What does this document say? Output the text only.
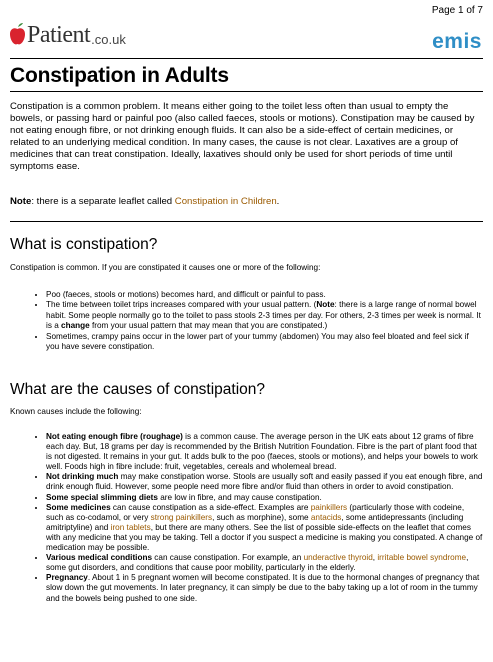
Page 1 of 7
Patient .co.uk	emis
Constipation in Adults

Constipation is a common problem. It means either going to the toilet less often than usual to empty the bowels, or passing hard or painful poo (also called faeces, stools or motions). Constipation may be caused by not eating enough fibre, or not drinking enough fluids. It can also be a side-effect of certain medicines, or related to an underlying medical condition. In many cases, the cause is not clear. Laxatives are a group of medicines that can treat constipation. Ideally, laxatives should only be used for short periods of time until symptoms ease.

Note: there is a separate leaflet called Constipation in Children.

What is constipation?

Constipation is common. If you are constipated it causes one or more of the following:

• Poo (faeces, stools or motions) becomes hard, and difficult or painful to pass.
• The time between toilet trips increases compared with your usual pattern. (Note: there is a large range of normal bowel habit. Some people normally go to the toilet to pass stools 2-3 times per day. For others, 2-3 times per week is normal. It is a change from your usual pattern that may mean that you are constipated.)
• Sometimes, crampy pains occur in the lower part of your tummy (abdomen) You may also feel bloated and feel sick if you have severe constipation.
What are the causes of constipation?

Known causes include the following:

• Not eating enough fibre (roughage) is a common cause. The average person in the UK eats about 12 grams of fibre each day. But, 18 grams per day is recommended by the British Nutrition Foundation. Fibre is the part of plant food that is not digested. It remains in your gut. It adds bulk to the poo (faeces, stools or motions), and helps your bowels to work well. Foods high in fibre include: fruit, vegetables, cereals and wholemeal bread.
• Not drinking much may make constipation worse. Stools are usually soft and easily passed if you eat enough fibre, and drink enough fluid. However, some people need more fibre and/or fluid than others in order to avoid constipation.
• Some special slimming diets are low in fibre, and may cause constipation.
• Some medicines can cause constipation as a side-effect. Examples are painkillers (particularly those with codeine, such as co-codamol, or very strong painkillers, such as morphine), some antacids, some antidepressants (including amitriptyline) and iron tablets, but there are many others. See the list of possible side-effects on the leaflet that comes with any medicine that you may be taking. Tell a doctor if you suspect a medicine is making you constipated. A change of medication may be possible.
• Various medical conditions can cause constipation. For example, an underactive thyroid, irritable bowel syndrome, some gut disorders, and conditions that cause poor mobility, particularly in the elderly.
• Pregnancy. About 1 in 5 pregnant women will become constipated. It is due to the hormonal changes of pregnancy that slow down the gut movements. In later pregnancy, it can simply be due to the baby taking up a lot of room in the tummy and the bowels being pushed to one side.
